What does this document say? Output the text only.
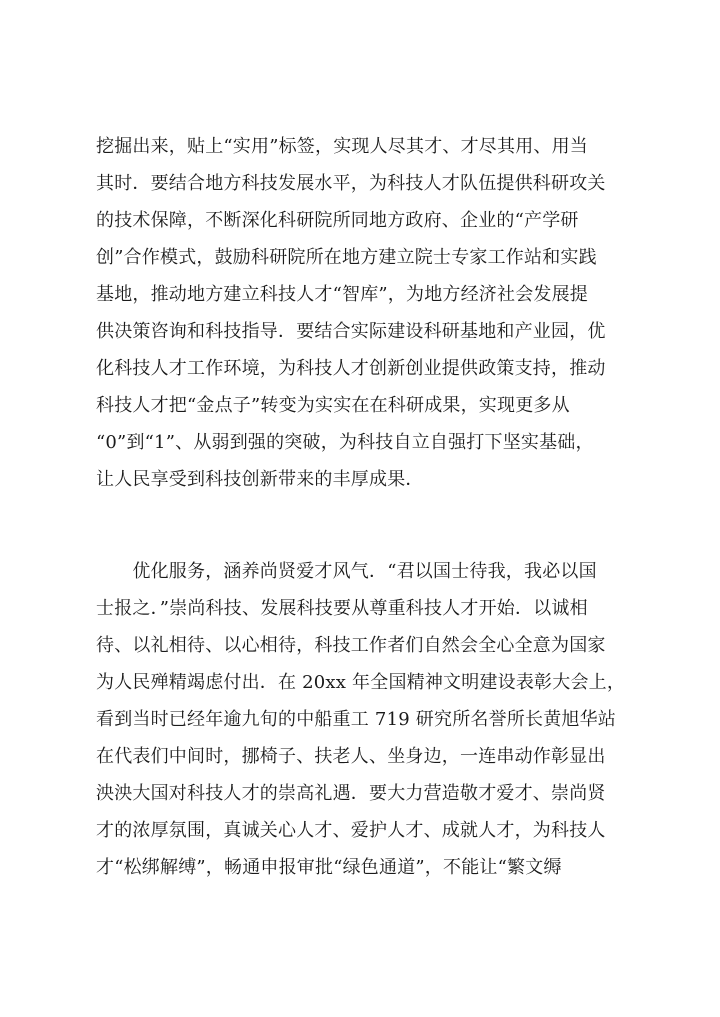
挖掘出来，贴上“实用”标签，实现人尽其才、才尽其用、用当
其时．要结合地方科技发展水平，为科技人才队伍提供科研攻关
的技术保障，不断深化科研院所同地方政府、企业的“产学研
创”合作模式，鼓励科研院所在地方建立院士专家工作站和实践
基地，推动地方建立科技人才“智库”，为地方经济社会发展提
供决策咨询和科技指导．要结合实际建设科研基地和产业园，优
化科技人才工作环境，为科技人才创新创业提供政策支持，推动
科技人才把“金点子”转变为实实在在科研成果，实现更多从
“0”到“1”、从弱到强的突破，为科技自立自强打下坚实基础，
让人民享受到科技创新带来的丰厚成果．
　　优化服务，涵养尚贤爱才风气．“君以国士待我，我必以国
士报之．”崇尚科技、发展科技要从尊重科技人才开始．以诚相
待、以礼相待、以心相待，科技工作者们自然会全心全意为国家
为人民殚精竭虑付出．在 20xx 年全国精神文明建设表彰大会上，
看到当时已经年逾九旬的中船重工 719 研究所名誉所长黄旭华站
在代表们中间时，挪椅子、扶老人、坐身边，一连串动作彰显出
泱泱大国对科技人才的崇高礼遇．要大力营造敬才爱才、崇尚贤
才的浓厚氛围，真诚关心人才、爱护人才、成就人才，为科技人
才“松绑解缚”，畅通申报审批“绿色通道”，不能让“繁文缛
